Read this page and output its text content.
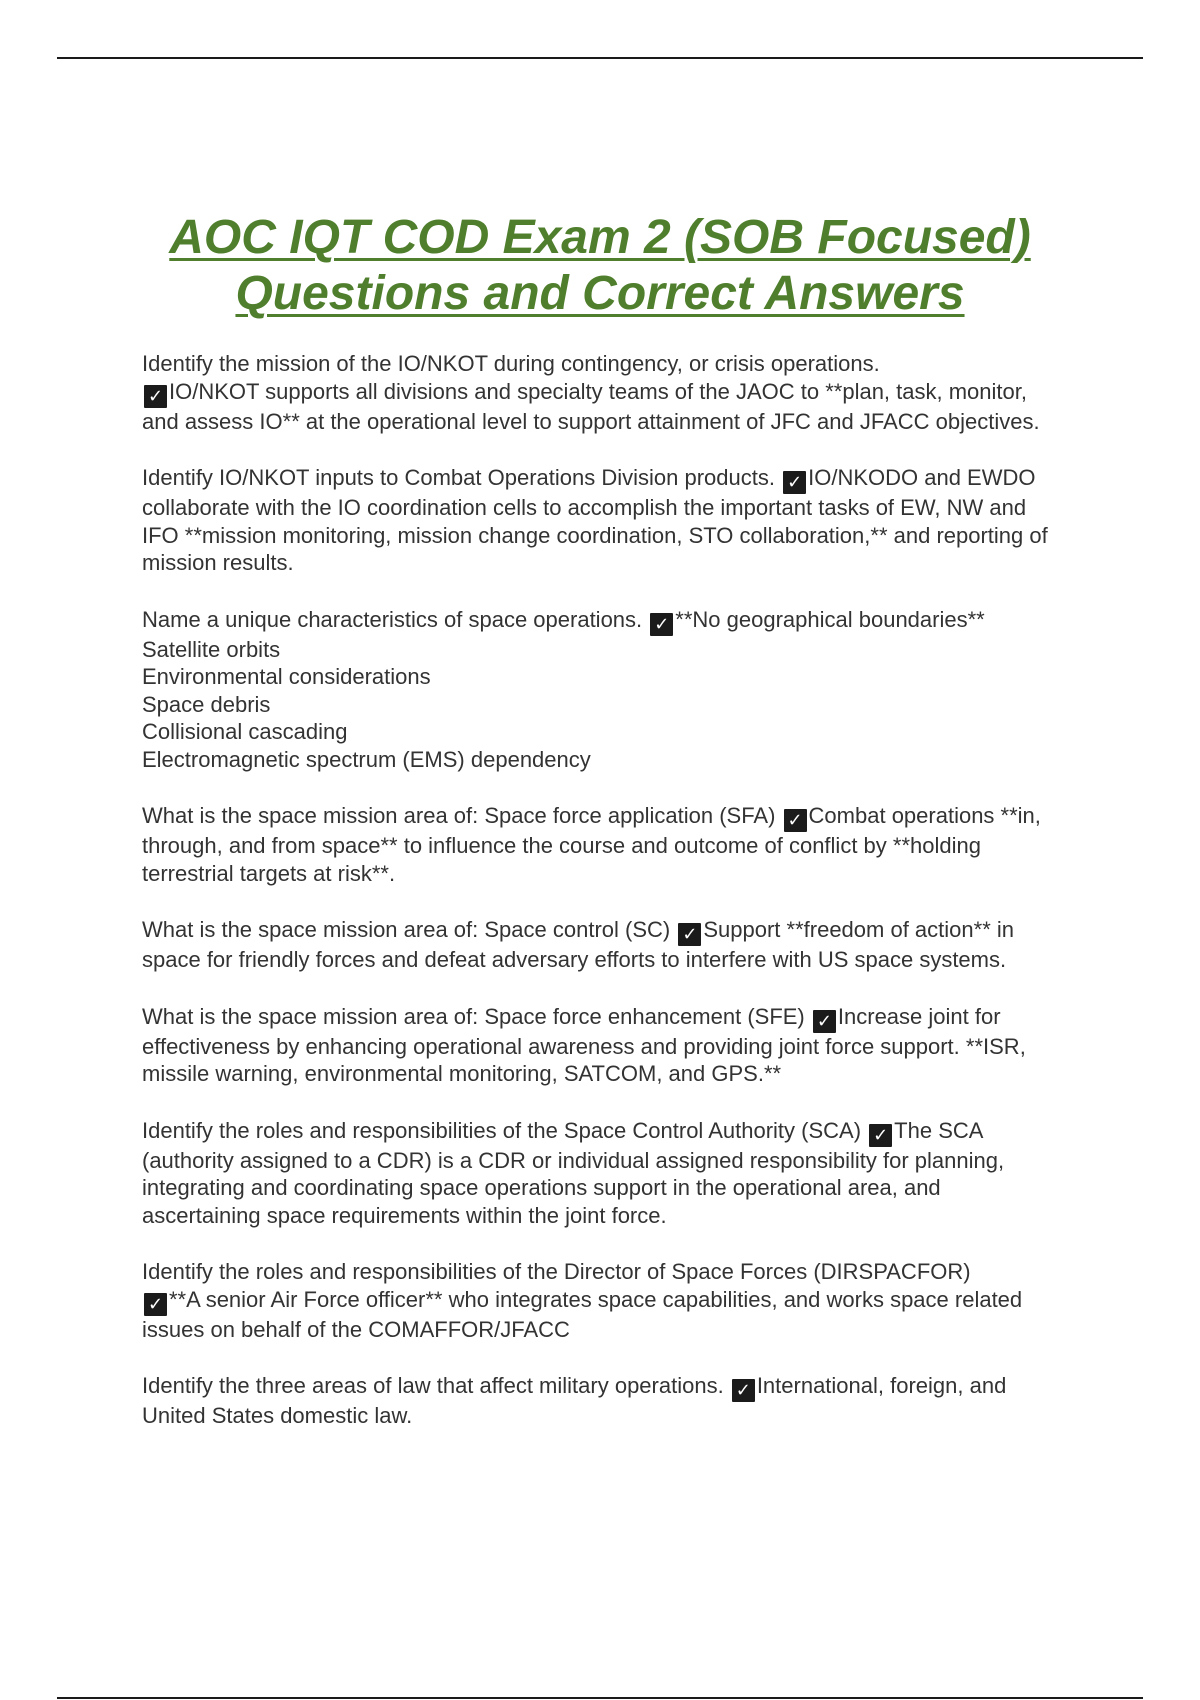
AOC IQT COD Exam 2 (SOB Focused)
Questions and Correct Answers
Identify the mission of the IO/NKOT during contingency, or crisis operations.
✓ IO/NKOT supports all divisions and specialty teams of the JAOC to **plan, task, monitor, and assess IO** at the operational level to support attainment of JFC and JFACC objectives.
Identify IO/NKOT inputs to Combat Operations Division products. ✓ IO/NKODO and EWDO collaborate with the IO coordination cells to accomplish the important tasks of EW, NW and IFO **mission monitoring, mission change coordination, STO collaboration,** and reporting of mission results.
Name a unique characteristics of space operations. ✓ **No geographical boundaries**
Satellite orbits
Environmental considerations
Space debris
Collisional cascading
Electromagnetic spectrum (EMS) dependency
What is the space mission area of: Space force application (SFA) ✓ Combat operations **in, through, and from space** to influence the course and outcome of conflict by **holding terrestrial targets at risk**.
What is the space mission area of: Space control (SC) ✓ Support **freedom of action** in space for friendly forces and defeat adversary efforts to interfere with US space systems.
What is the space mission area of: Space force enhancement (SFE) ✓ Increase joint for effectiveness by enhancing operational awareness and providing joint force support. **ISR, missile warning, environmental monitoring, SATCOM, and GPS.**
Identify the roles and responsibilities of the Space Control Authority (SCA) ✓ The SCA (authority assigned to a CDR) is a CDR or individual assigned responsibility for planning, integrating and coordinating space operations support in the operational area, and ascertaining space requirements within the joint force.
Identify the roles and responsibilities of the Director of Space Forces (DIRSPACFOR)
✓ **A senior Air Force officer** who integrates space capabilities, and works space related issues on behalf of the COMAFFOR/JFACC
Identify the three areas of law that affect military operations. ✓ International, foreign, and United States domestic law.
